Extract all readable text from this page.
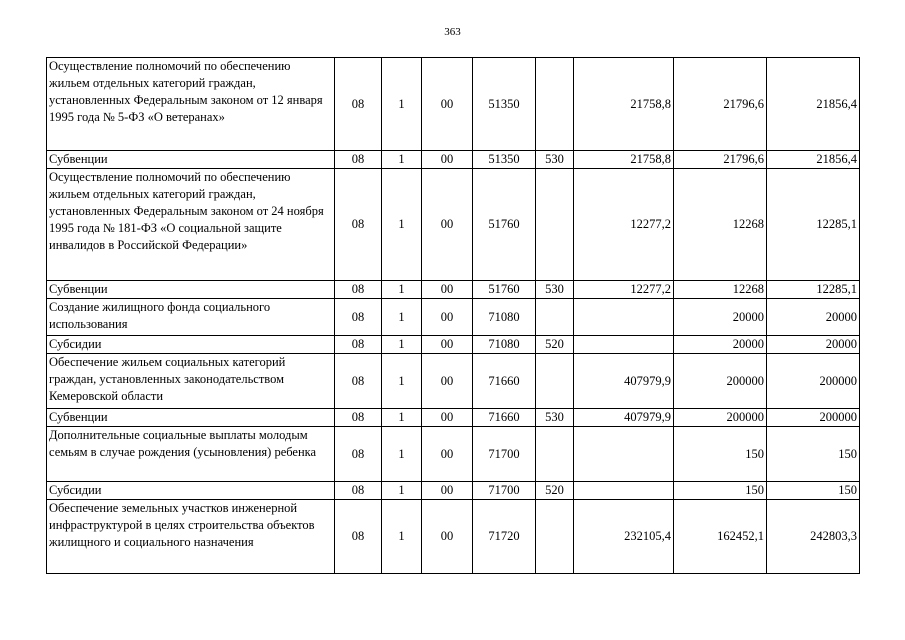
363
Осуществление полномочий по обеспечению жильем отдельных категорий граждан, установленных Федеральным законом от 12 января 1995 года № 5-ФЗ «О ветеранах»	08	1	00	51350		21758,8	21796,6	21856,4
Субвенции	08	1	00	51350	530	21758,8	21796,6	21856,4
Осуществление полномочий по обеспечению жильем отдельных категорий граждан, установленных Федеральным законом от 24 ноября 1995 года № 181-ФЗ «О социальной защите инвалидов в Российской Федерации»	08	1	00	51760		12277,2	12268	12285,1
Субвенции	08	1	00	51760	530	12277,2	12268	12285,1
Создание жилищного фонда социального использования	08	1	00	71080			20000	20000
Субсидии	08	1	00	71080	520		20000	20000
Обеспечение жильем социальных категорий граждан, установленных законодательством Кемеровской области	08	1	00	71660		407979,9	200000	200000
Субвенции	08	1	00	71660	530	407979,9	200000	200000
Дополнительные социальные выплаты молодым семьям в случае рождения (усыновления) ребенка	08	1	00	71700			150	150
Субсидии	08	1	00	71700	520		150	150
Обеспечение земельных участков инженерной инфраструктурой в целях строительства объектов жилищного и социального назначения	08	1	00	71720		232105,4	162452,1	242803,3
